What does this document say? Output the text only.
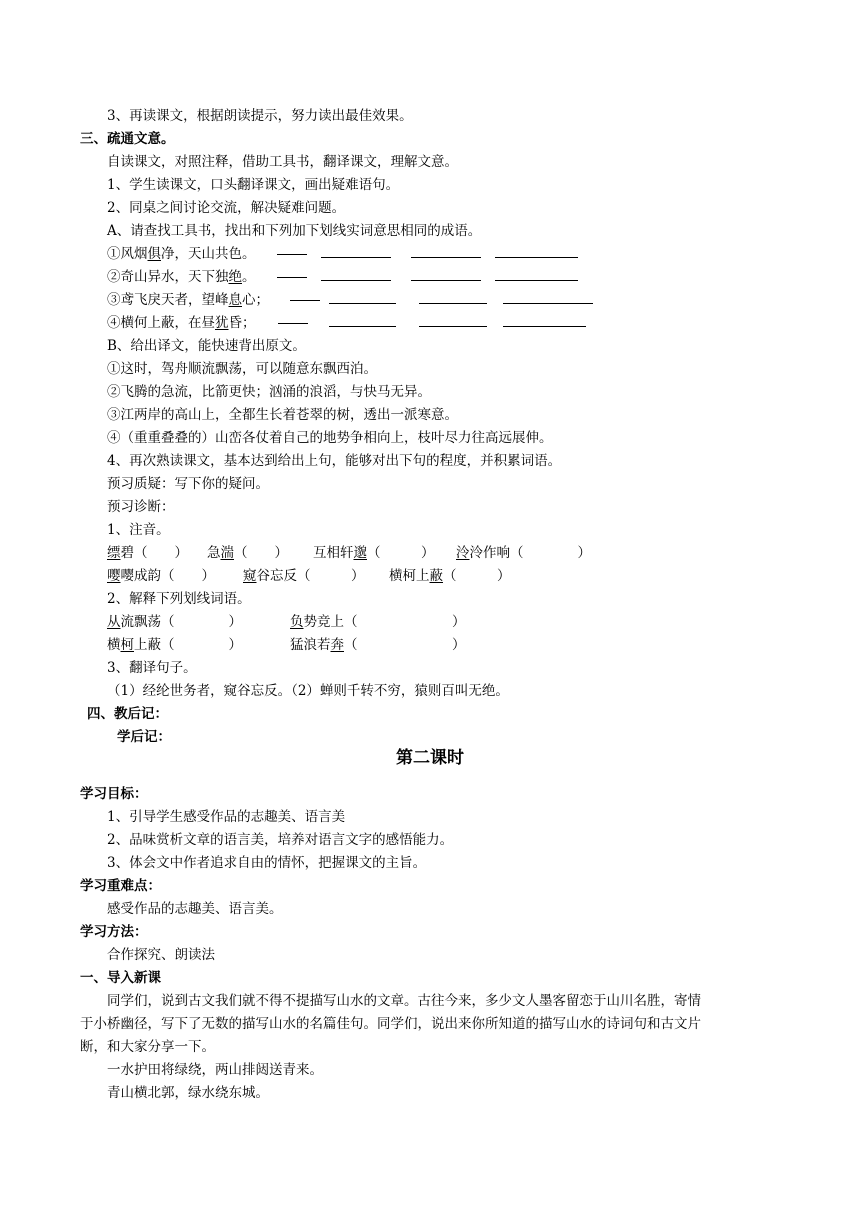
3、再读课文，根据朗读提示，努力读出最佳效果。
三、疏通文意。
自读课文，对照注释，借助工具书，翻译课文，理解文意。
1、学生读课文，口头翻译课文，画出疑难语句。
2、同桌之间讨论交流，解决疑难问题。
A、请查找工具书，找出和下列加下划线实词意思相同的成语。
①风烟俱净，天山共色。
②奇山异水，天下独绝。
③鸢飞戾天者，望峰息心；
④横何上蔽，在昼犹昏；
B、给出译文，能快速背出原文。
①这时，驾舟顺流飘荡，可以随意东飘西泊。
②飞腾的急流，比箭更快；汹涌的浪滔，与快马无异。
③江两岸的高山上，全都生长着苍翠的树，透出一派寒意。
④（重重叠叠的）山峦各仗着自己的地势争相向上，枝叶尽力往高远展伸。
4、再次熟读课文，基本达到给出上句，能够对出下句的程度，并积累词语。
预习质疑：写下你的疑问。
预习诊断：
1、注音。
缥碧（　　） 急湍（　　） 互相轩邈（　　　） 泠泠作响（　　　　）
嘤嘤成韵（　　） 窥谷忘反（　　　） 横柯上蔽（　　　）
2、解释下列划线词语。
从流飘荡（　　　　）	负势竞上（　　　　　　　）
横柯上蔽（　　　　）	猛浪若奔（　　　　　　　）
3、翻译句子。
（1）经纶世务者，窥谷忘反。（2）蝉则千转不穷，猿则百叫无绝。
四、教后记：
学后记：
第二课时
学习目标：
1、引导学生感受作品的志趣美、语言美
2、品味赏析文章的语言美，培养对语言文字的感悟能力。
3、体会文中作者追求自由的情怀，把握课文的主旨。
学习重难点：
感受作品的志趣美、语言美。
学习方法：
合作探究、朗读法
一、导入新课
同学们，说到古文我们就不得不提描写山水的文章。古往今来，多少文人墨客留恋于山川名胜，寄情
于小桥幽径，写下了无数的描写山水的名篇佳句。同学们，说出来你所知道的描写山水的诗词句和古文片
断，和大家分享一下。
一水护田将绿绕，两山排闼送青来。
青山横北郭，绿水绕东城。
